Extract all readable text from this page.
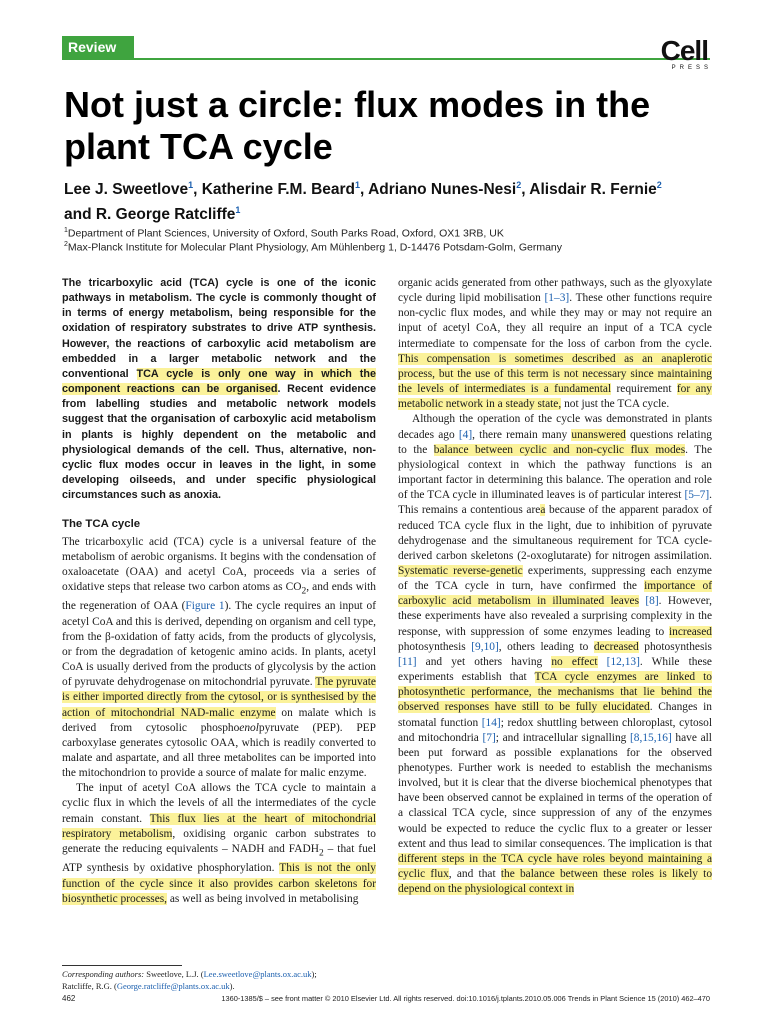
Review	Cell
PRESS
Not just a circle: flux modes in the plant TCA cycle
Lee J. Sweetlove$^1$, Katherine F.M. Beard$^1$, Adriano Nunes-Nesi$^2$, Alisdair R. Fernie$^2$
and R. George Ratcliffe$^1$
$^1$Department of Plant Sciences, University of Oxford, South Parks Road, Oxford, OX1 3RB, UK
$^2$Max-Planck Institute for Molecular Plant Physiology, Am Mühlenberg 1, D-14476 Potsdam-Golm, Germany

The tricarboxylic acid (TCA) cycle is one of the iconic pathways in metabolism. The cycle is commonly thought of in terms of energy metabolism, being responsible for the oxidation of respiratory substrates to drive ATP synthesis. However, the reactions of carboxylic acid metabolism are embedded in a larger metabolic network and the conventional TCA cycle is only one way in which the component reactions can be organised. Recent evidence from labelling studies and metabolic network models suggest that the organisation of carboxylic acid metabolism in plants is highly dependent on the metabolic and physiological demands of the cell. Thus, alternative, non-cyclic flux modes occur in leaves in the light, in some developing oilseeds, and under specific physiological circumstances such as anoxia.

The TCA cycle

The tricarboxylic acid (TCA) cycle is a universal feature of the metabolism of aerobic organisms. It begins with the condensation of oxaloacetate (OAA) and acetyl CoA, proceeds via a series of oxidative steps that release two carbon atoms as $CO_2$, and ends with the regeneration of OAA (Figure 1). The cycle requires an input of acetyl CoA and this is derived, depending on organism and cell type, from the β-oxidation of fatty acids, from the products of glycolysis, or from the degradation of ketogenic amino acids. In plants, acetyl CoA is usually derived from the products of glycolysis by the action of pyruvate dehydrogenase on mitochondrial pyruvate. The pyruvate is either imported directly from the cytosol, or is synthesised by the action of mitochondrial NAD-malic enzyme on malate which is derived from cytosolic phosphoenolpyruvate (PEP). PEP carboxylase generates cytosolic OAA, which is readily converted to malate and aspartate, and all three metabolites can be imported into the mitochondrion to provide a source of malate for malic enzyme.

The input of acetyl CoA allows the TCA cycle to maintain a cyclic flux in which the levels of all the intermediates of the cycle remain constant. This flux lies at the heart of mitochondrial respiratory metabolism, oxidising organic carbon substrates to generate the reducing equivalents – NADH and $FADH_2$ – that fuel ATP synthesis by oxidative phosphorylation. This is not the only function of the cycle since it also provides carbon skeletons for biosynthetic processes, as well as being involved in metabolising

organic acids generated from other pathways, such as the glyoxylate cycle during lipid mobilisation [1–3]. These other functions require non-cyclic flux modes, and while they may or may not require an input of acetyl CoA, they all require an input of a TCA cycle intermediate to compensate for the loss of carbon from the cycle. This compensation is sometimes described as an anaplerotic process, but the use of this term is not necessary since maintaining the levels of intermediates is a fundamental requirement for any metabolic network in a steady state, not just the TCA cycle.

Although the operation of the cycle was demonstrated in plants decades ago [4], there remain many unanswered questions relating to the balance between cyclic and non-cyclic flux modes. The physiological context in which the pathway functions is an important factor in determining this balance. The operation and role of the TCA cycle in illuminated leaves is of particular interest [5–7]. This remains a contentious area because of the apparent paradox of reduced TCA cycle flux in the light, due to inhibition of pyruvate dehydrogenase and the simultaneous requirement for TCA cycle-derived carbon skeletons (2-oxoglutarate) for nitrogen assimilation. Systematic reverse-genetic experiments, suppressing each enzyme of the TCA cycle in turn, have confirmed the importance of carboxylic acid metabolism in illuminated leaves [8]. However, these experiments have also revealed a surprising complexity in the response, with suppression of some enzymes leading to increased photosynthesis [9,10], others leading to decreased photosynthesis [11] and yet others having no effect [12,13]. While these experiments establish that TCA cycle enzymes are linked to photosynthetic performance, the mechanisms that lie behind the observed responses have still to be fully elucidated. Changes in stomatal function [14]; redox shuttling between chloroplast, cytosol and mitochondria [7]; and intracellular signalling [8,15,16] have all been put forward as possible explanations for the observed phenotypes. Further work is needed to establish the mechanisms involved, but it is clear that the diverse biochemical phenotypes that have been observed cannot be explained in terms of the operation of a classical TCA cycle, since suppression of any of the enzymes would be expected to reduce the cyclic flux to a greater or lesser extent and thus lead to similar consequences. The implication is that different steps in the TCA cycle have roles beyond maintaining a cyclic flux, and that the balance between these roles is likely to depend on the physiological context in

Corresponding authors: Sweetlove, L.J. (Lee.sweetlove@plants.ox.ac.uk);
Ratcliffe, R.G. (George.ratcliffe@plants.ox.ac.uk).
462	1360-1385/$ – see front matter © 2010 Elsevier Ltd. All rights reserved. doi:10.1016/j.tplants.2010.05.006 Trends in Plant Science 15 (2010) 462–470
